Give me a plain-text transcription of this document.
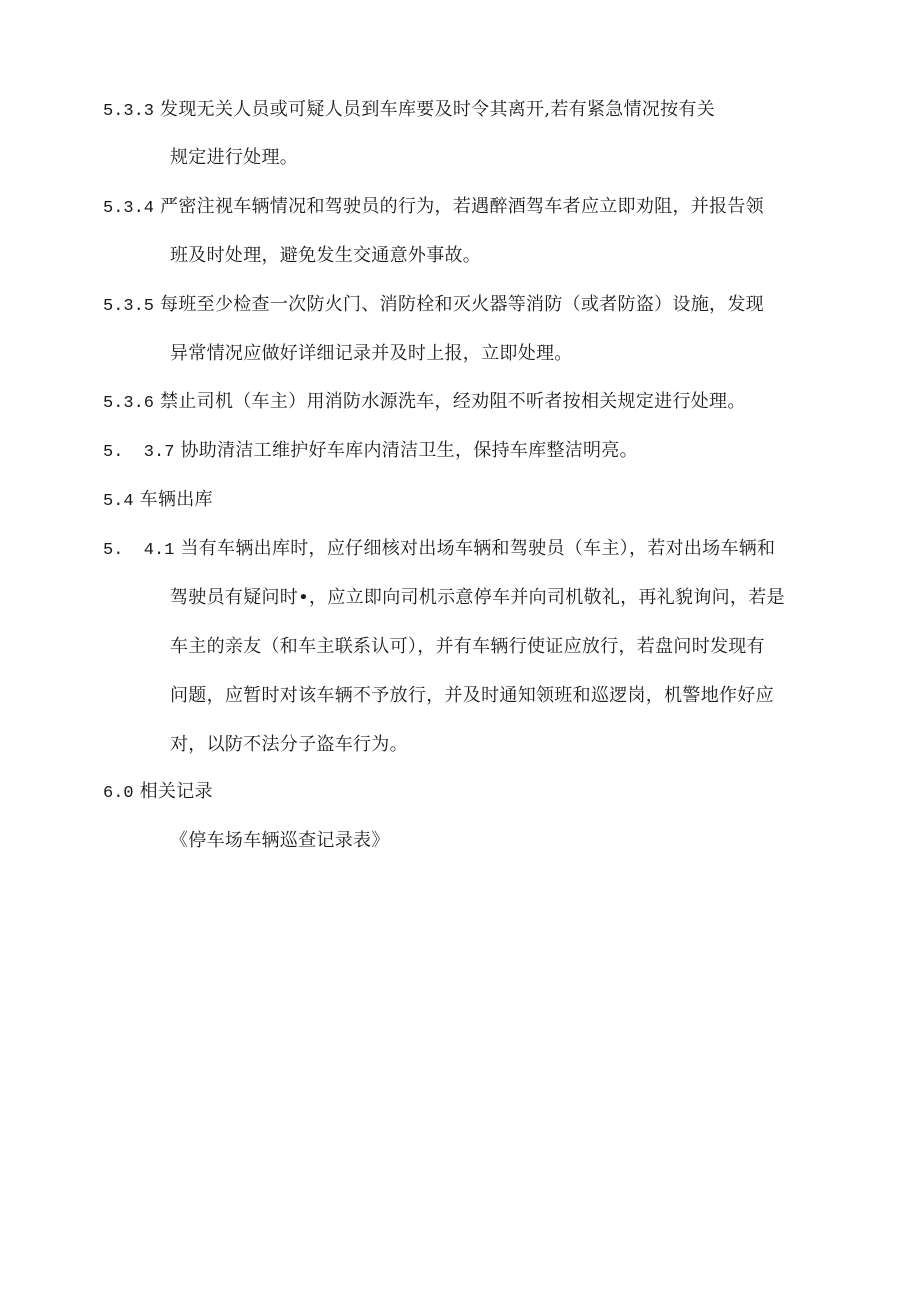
5.3.3 发现无关人员或可疑人员到车库要及时令其离开,若有紧急情况按有关
规定进行处理。
5.3.4 严密注视车辆情况和驾驶员的行为，若遇醉酒驾车者应立即劝阻，并报告领
班及时处理，避免发生交通意外事故。
5.3.5 每班至少检查一次防火门、消防栓和灭火器等消防（或者防盗）设施，发现
异常情况应做好详细记录并及时上报，立即处理。
5.3.6 禁止司机（车主）用消防水源洗车，经劝阻不听者按相关规定进行处理。
5.  3.7 协助清洁工维护好车库内清洁卫生，保持车库整洁明亮。
5.4 车辆出库
5.  4.1 当有车辆出库时，应仔细核对出场车辆和驾驶员（车主），若对出场车辆和
驾驶员有疑问时•，应立即向司机示意停车并向司机敬礼，再礼貌询问，若是
车主的亲友（和车主联系认可），并有车辆行使证应放行，若盘问时发现有
问题，应暂时对该车辆不予放行，并及时通知领班和巡逻岗，机警地作好应
对，以防不法分子盗车行为。
6.0 相关记录
《停车场车辆巡查记录表》
